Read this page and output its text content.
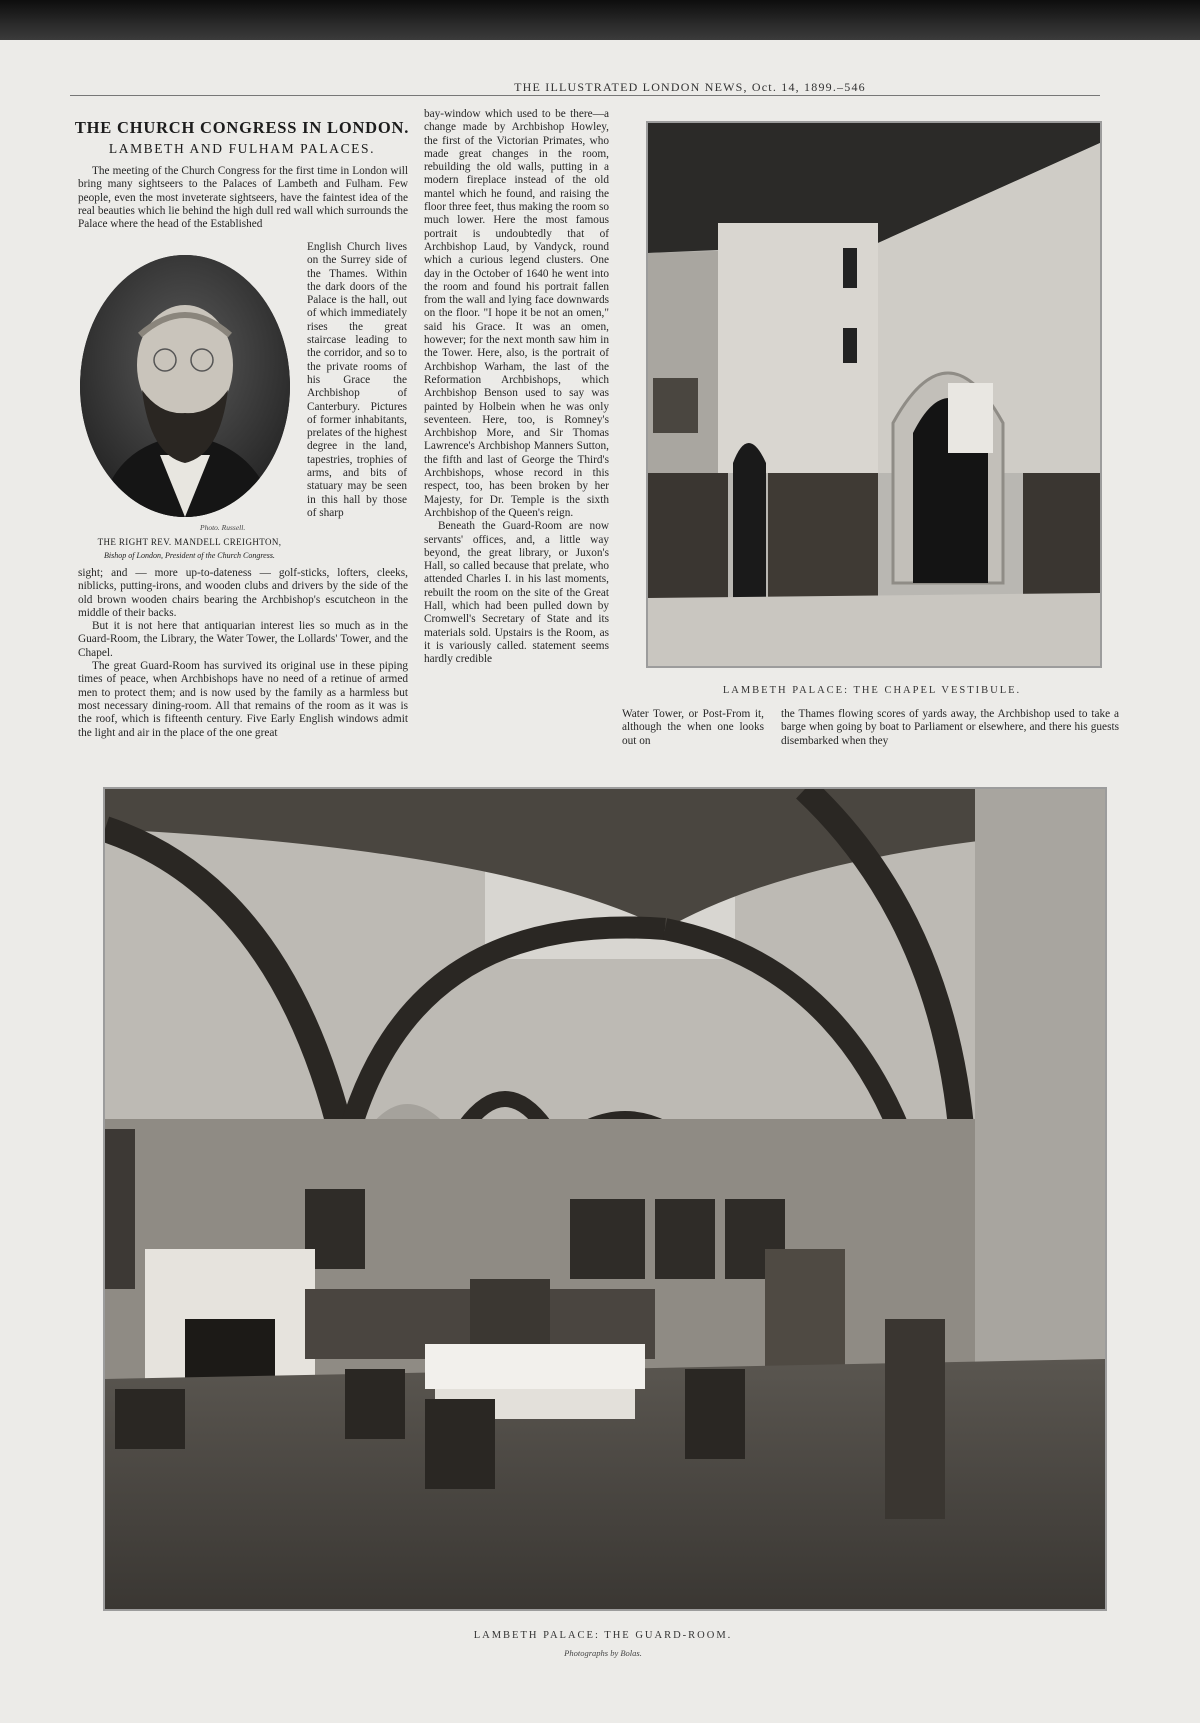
THE ILLUSTRATED LONDON NEWS, Oct. 14, 1899.–546
THE CHURCH CONGRESS IN LONDON.
LAMBETH AND FULHAM PALACES.

The meeting of the Church Congress for the first time in London will bring many sightseers to the Palaces of Lambeth and Fulham. Few people, even the most inveterate sightseers, have the faintest idea of the real beauties which lie behind the high dull red wall which surrounds the Palace where the head of the Established

English Church lives on the Surrey side of the Thames. Within the dark doors of the Palace is the hall, out of which immediately rises the great staircase leading to the corridor, and so to the private rooms of his Grace the Archbishop of Canterbury. Pictures of former inhabitants, prelates of the highest degree in the land, tapestries, trophies of arms, and bits of statuary may be seen in this hall by those of sharp

Photo. Russell.
THE RIGHT REV. MANDELL CREIGHTON,
Bishop of London, President of the Church Congress.

sight; and — more up-to-dateness — golf-sticks, lofters, cleeks, niblicks, putting-irons, and wooden clubs and drivers by the side of the old brown wooden chairs bearing the Archbishop's escutcheon in the middle of their backs.

But it is not here that antiquarian interest lies so much as in the Guard-Room, the Library, the Water Tower, the Lollards' Tower, and the Chapel.

The great Guard-Room has survived its original use in these piping times of peace, when Archbishops have no need of a retinue of armed men to protect them; and is now used by the family as a harmless but most necessary dining-room. All that remains of the room as it was is the roof, which is fifteenth century. Five Early English windows admit the light and air in the place of the one great

bay-window which used to be there—a change made by Archbishop Howley, the first of the Victorian Primates, who made great changes in the room, rebuilding the old walls, putting in a modern fireplace instead of the old mantel which he found, and raising the floor three feet, thus making the room so much lower. Here the most famous portrait is undoubtedly that of Archbishop Laud, by Vandyck, round which a curious legend clusters. One day in the October of 1640 he went into the room and found his portrait fallen from the wall and lying face downwards on the floor. "I hope it be not an omen," said his Grace. It was an omen, however; for the next month saw him in the Tower. Here, also, is the portrait of Archbishop Warham, the last of the Reformation Archbishops, which Archbishop Benson used to say was painted by Holbein when he was only seventeen. Here, too, is Romney's Archbishop More, and Sir Thomas Lawrence's Archbishop Manners Sutton, the fifth and last of George the Third's Archbishops, whose record in this respect, too, has been broken by her Majesty, for Dr. Temple is the sixth Archbishop of the Queen's reign.

Beneath the Guard-Room are now servants' offices, and, a little way beyond, the great library, or Juxon's Hall, so called because that prelate, who attended Charles I. in his last moments, rebuilt the room on the site of the Great Hall, which had been pulled down by Cromwell's Secretary of State and its materials sold. Upstairs is the Room, as it is variously called. statement seems hardly credible

LAMBETH PALACE: THE CHAPEL VESTIBULE.

Water Tower, or Post-From it, although the when one looks out on

the Thames flowing scores of yards away, the Archbishop used to take a barge when going by boat to Parliament or elsewhere, and there his guests disembarked when they

LAMBETH PALACE: THE GUARD-ROOM.
Photographs by Bolas.
